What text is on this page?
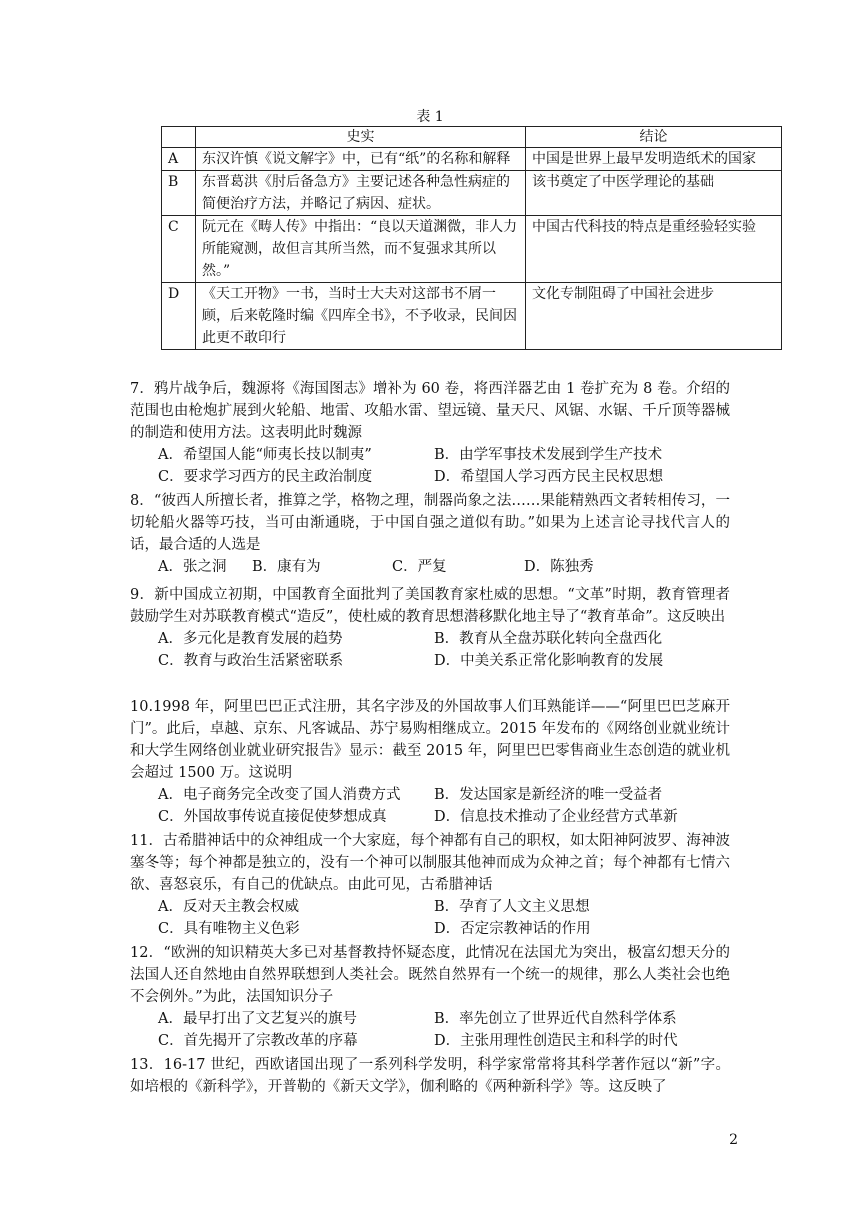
表 1
	史实	结论
A	东汉许慎《说文解字》中，已有“纸”的名称和解释	中国是世界上最早发明造纸术的国家
B	东晋葛洪《肘后备急方》主要记述各种急性病症的简便治疗方法，并略记了病因、症状。	该书奠定了中医学理论的基础
C	阮元在《畴人传》中指出：“良以天道渊微，非人力所能窥测，故但言其所当然，而不复强求其所以然。”	中国古代科技的特点是重经验轻实验
D	《天工开物》一书，当时士大夫对这部书不屑一顾，后来乾隆时编《四库全书》，不予收录，民间因此更不敢印行	文化专制阻碍了中国社会进步
7．鸦片战争后，魏源将《海国图志》增补为 60 卷，将西洋器艺由 1 卷扩充为 8 卷。介绍的范围也由枪炮扩展到火轮船、地雷、攻船水雷、望远镜、量天尺、风锯、水锯、千斤顶等器械的制造和使用方法。这表明此时魏源
A．希望国人能“师夷长技以制夷”	B．由学军事技术发展到学生产技术
C．要求学习西方的民主政治制度	D．希望国人学习西方民主民权思想
8．“彼西人所擅长者，推算之学，格物之理，制器尚象之法……果能精熟西文者转相传习，一切轮船火器等巧技，当可由渐通晓，于中国自强之道似有助。”如果为上述言论寻找代言人的话，最合适的人选是
A．张之洞	B．康有为	C．严复	D．陈独秀
9．新中国成立初期，中国教育全面批判了美国教育家杜威的思想。“文革”时期，教育管理者鼓励学生对苏联教育模式“造反”，使杜威的教育思想潜移默化地主导了“教育革命”。这反映出
A．多元化是教育发展的趋势	B．教育从全盘苏联化转向全盘西化
C．教育与政治生活紧密联系	D．中美关系正常化影响教育的发展
10.1998 年，阿里巴巴正式注册，其名字涉及的外国故事人们耳熟能详——“阿里巴巴芝麻开门”。此后，卓越、京东、凡客诚品、苏宁易购相继成立。2015 年发布的《网络创业就业统计和大学生网络创业就业研究报告》显示：截至 2015 年，阿里巴巴零售商业生态创造的就业机会超过 1500 万。这说明
A．电子商务完全改变了国人消费方式	B．发达国家是新经济的唯一受益者
C．外国故事传说直接促使梦想成真	D．信息技术推动了企业经营方式革新
11．古希腊神话中的众神组成一个大家庭，每个神都有自己的职权，如太阳神阿波罗、海神波塞冬等；每个神都是独立的，没有一个神可以制服其他神而成为众神之首；每个神都有七情六欲、喜怒哀乐，有自己的优缺点。由此可见，古希腊神话
A．反对天主教会权威	B．孕育了人文主义思想
C．具有唯物主义色彩	D．否定宗教神话的作用
12．“欧洲的知识精英大多已对基督教持怀疑态度，此情况在法国尤为突出，极富幻想天分的法国人还自然地由自然界联想到人类社会。既然自然界有一个统一的规律，那么人类社会也绝不会例外。”为此，法国知识分子
A．最早打出了文艺复兴的旗号	B．率先创立了世界近代自然科学体系
C．首先揭开了宗教改革的序幕	D．主张用理性创造民主和科学的时代
13．16-17 世纪，西欧诸国出现了一系列科学发明，科学家常常将其科学著作冠以“新”字。如培根的《新科学》，开普勒的《新天文学》，伽利略的《两种新科学》等。这反映了
2
